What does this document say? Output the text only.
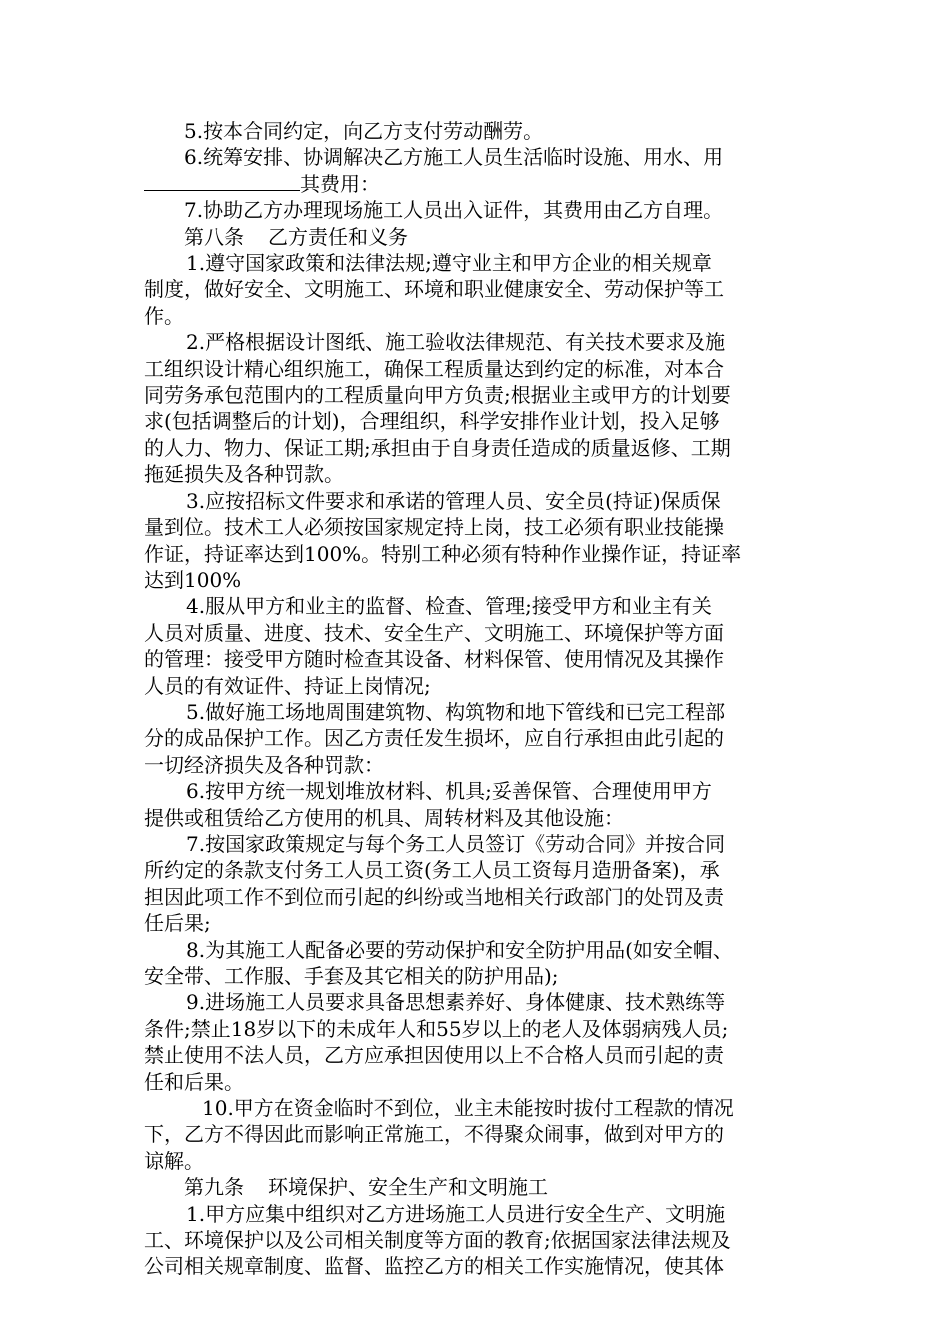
5.按本合同约定，向乙方支付劳动酬劳。
6.统筹安排、协调解决乙方施工人员生活临时设施、用水、用
其费用：
7.协助乙方办理现场施工人员出入证件，其费用由乙方自理。
第八条 乙方责任和义务
1.遵守国家政策和法律法规;遵守业主和甲方企业的相关规章
制度，做好安全、文明施工、环境和职业健康安全、劳动保护等工
作。
2.严格根据设计图纸、施工验收法律规范、有关技术要求及施
工组织设计精心组织施工，确保工程质量达到约定的标准，对本合
同劳务承包范围内的工程质量向甲方负责;根据业主或甲方的计划要
求(包括调整后的计划)，合理组织，科学安排作业计划，投入足够
的人力、物力、保证工期;承担由于自身责任造成的质量返修、工期
拖延损失及各种罚款。
3.应按招标文件要求和承诺的管理人员、安全员(持证)保质保
量到位。技术工人必须按国家规定持上岗，技工必须有职业技能操
作证，持证率达到100%。特别工种必须有特种作业操作证，持证率
达到100%
4.服从甲方和业主的监督、检查、管理;接受甲方和业主有关
人员对质量、进度、技术、安全生产、文明施工、环境保护等方面
的管理：接受甲方随时检查其设备、材料保管、使用情况及其操作
人员的有效证件、持证上岗情况;
5.做好施工场地周围建筑物、构筑物和地下管线和已完工程部
分的成品保护工作。因乙方责任发生损坏，应自行承担由此引起的
一切经济损失及各种罚款：
6.按甲方统一规划堆放材料、机具;妥善保管、合理使用甲方
提供或租赁给乙方使用的机具、周转材料及其他设施：
7.按国家政策规定与每个务工人员签订《劳动合同》并按合同
所约定的条款支付务工人员工资(务工人员工资每月造册备案)，承
担因此项工作不到位而引起的纠纷或当地相关行政部门的处罚及责
任后果;
8.为其施工人配备必要的劳动保护和安全防护用品(如安全帽、
安全带、工作服、手套及其它相关的防护用品);
9.进场施工人员要求具备思想素养好、身体健康、技术熟练等
条件;禁止18岁以下的未成年人和55岁以上的老人及体弱病残人员;
禁止使用不法人员，乙方应承担因使用以上不合格人员而引起的责
任和后果。
10.甲方在资金临时不到位，业主未能按时拔付工程款的情况
下，乙方不得因此而影响正常施工，不得聚众闹事，做到对甲方的
谅解。
第九条 环境保护、安全生产和文明施工
1.甲方应集中组织对乙方进场施工人员进行安全生产、文明施
工、环境保护以及公司相关制度等方面的教育;依据国家法律法规及
公司相关规章制度、监督、监控乙方的相关工作实施情况，使其体
